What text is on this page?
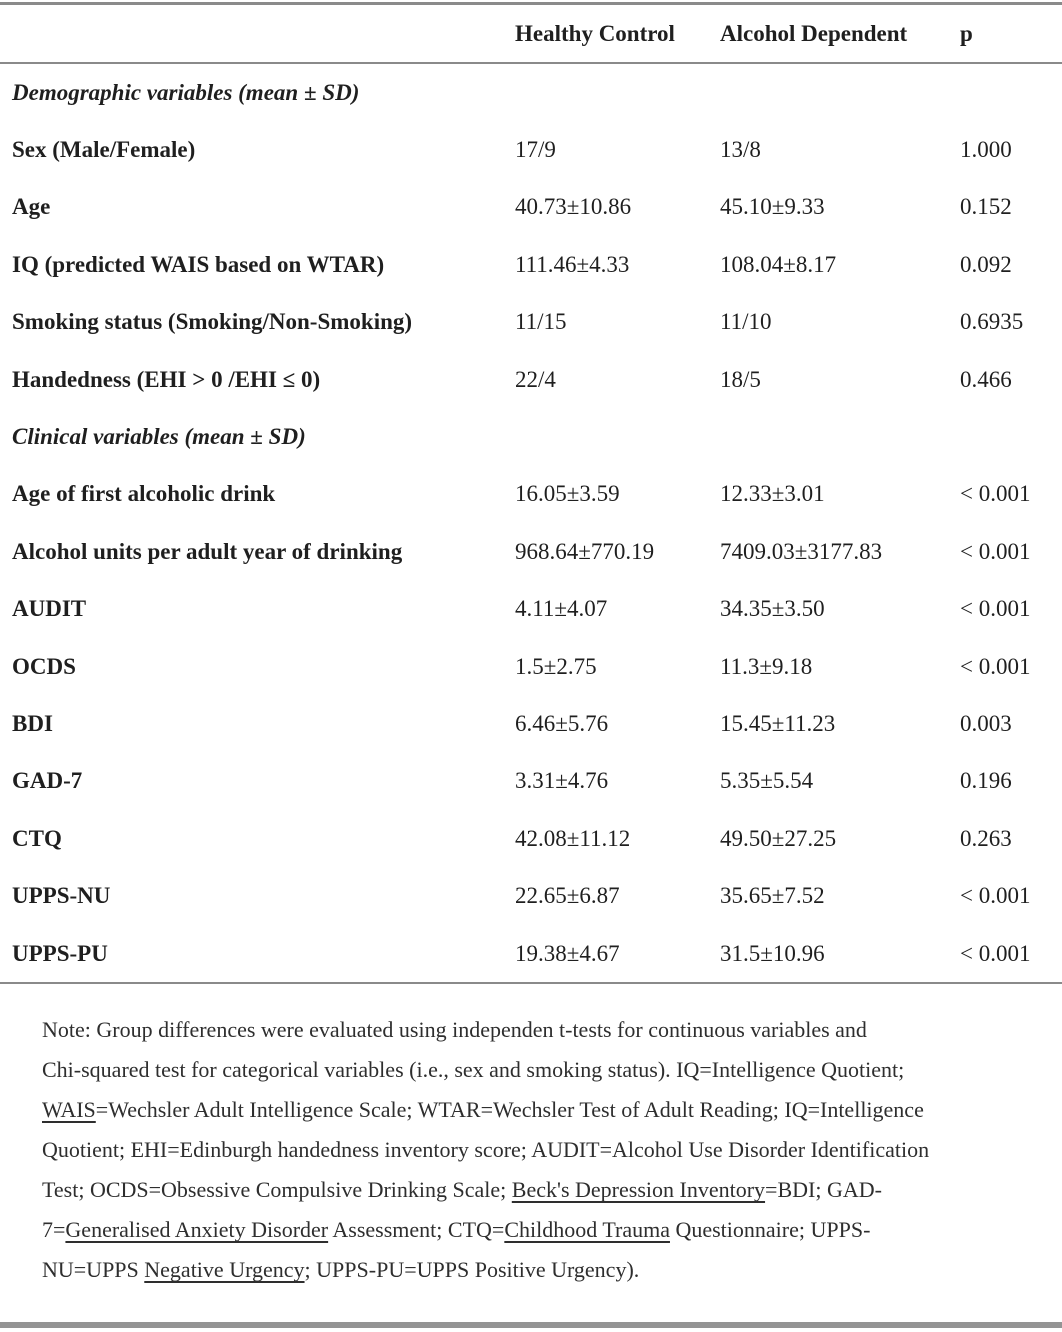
Healthy Control	Alcohol Dependent	p
Demographic variables (mean ± SD)
Sex (Male/Female)	17/9	13/8	1.000
Age	40.73±10.86	45.10±9.33	0.152
IQ (predicted WAIS based on WTAR)	111.46±4.33	108.04±8.17	0.092
Smoking status (Smoking/Non-Smoking)	11/15	11/10	0.6935
Handedness (EHI > 0 /EHI ≤ 0)	22/4	18/5	0.466
Clinical variables (mean ± SD)
Age of first alcoholic drink	16.05±3.59	12.33±3.01	< 0.001
Alcohol units per adult year of drinking	968.64±770.19	7409.03±3177.83	< 0.001
AUDIT	4.11±4.07	34.35±3.50	< 0.001
OCDS	1.5±2.75	11.3±9.18	< 0.001
BDI	6.46±5.76	15.45±11.23	0.003
GAD-7	3.31±4.76	5.35±5.54	0.196
CTQ	42.08±11.12	49.50±27.25	0.263
UPPS-NU	22.65±6.87	35.65±7.52	< 0.001
UPPS-PU	19.38±4.67	31.5±10.96	< 0.001
Note: Group differences were evaluated using independen t-tests for continuous variables and
Chi-squared test for categorical variables (i.e., sex and smoking status). IQ=Intelligence Quotient;
WAIS=Wechsler Adult Intelligence Scale; WTAR=Wechsler Test of Adult Reading; IQ=Intelligence
Quotient; EHI=Edinburgh handedness inventory score; AUDIT=Alcohol Use Disorder Identification
Test; OCDS=Obsessive Compulsive Drinking Scale; Beck's Depression Inventory=BDI; GAD-
7=Generalised Anxiety Disorder Assessment; CTQ=Childhood Trauma Questionnaire; UPPS-
NU=UPPS Negative Urgency; UPPS-PU=UPPS Positive Urgency).
